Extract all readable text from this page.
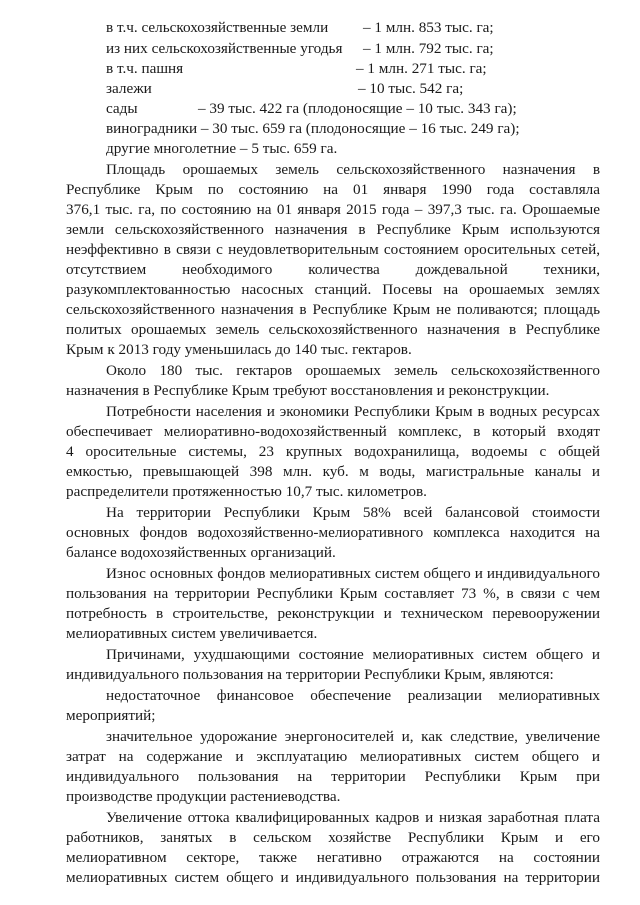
в т.ч. сельскохозяйственные земли – 1 млн. 853 тыс. га;
из них сельскохозяйственные угодья – 1 млн. 792 тыс. га;
в т.ч. пашня	– 1 млн. 271 тыс. га;
залежи	– 10 тыс. 542 га;
сады	– 39 тыс. 422 га (плодоносящие – 10 тыс. 343 га);
виноградники – 30 тыс. 659 га (плодоносящие – 16 тыс. 249 га);
другие многолетние – 5 тыс. 659 га.
Площадь орошаемых земель сельскохозяйственного назначения в
Республике Крым по состоянию на 01 января 1990 года составляла
376,1 тыс. га, по состоянию на 01 января 2015 года – 397,3 тыс. га. Орошаемые
земли сельскохозяйственного назначения в Республике Крым используются
неэффективно в связи с неудовлетворительным состоянием оросительных сетей,
отсутствием необходимого количества дождевальной техники,
разукомплектованностью насосных станций. Посевы на орошаемых землях
сельскохозяйственного назначения в Республике Крым не поливаются; площадь
политых орошаемых земель сельскохозяйственного назначения в Республике
Крым к 2013 году уменьшилась до 140 тыс. гектаров.
Около 180 тыс. гектаров орошаемых земель сельскохозяйственного
назначения в Республике Крым требуют восстановления и реконструкции.
Потребности населения и экономики Республики Крым в водных ресурсах
обеспечивает мелиоративно-водохозяйственный комплекс, в который входят
4 оросительные системы, 23 крупных водохранилища, водоемы с общей
емкостью, превышающей 398 млн. куб. м воды, магистральные каналы и
распределители протяженностью 10,7 тыс. километров.
На территории Республики Крым 58% всей балансовой стоимости
основных фондов водохозяйственно-мелиоративного комплекса находится на
балансе водохозяйственных организаций.
Износ основных фондов мелиоративных систем общего и индивидуального
пользования на территории Республики Крым составляет 73 %, в связи с чем
потребность в строительстве, реконструкции и техническом перевооружении
мелиоративных систем увеличивается.
Причинами, ухудшающими состояние мелиоративных систем общего и
индивидуального пользования на территории Республики Крым, являются:
недостаточное финансовое обеспечение реализации мелиоративных
мероприятий;
значительное удорожание энергоносителей и, как следствие, увеличение
затрат на содержание и эксплуатацию мелиоративных систем общего и
индивидуального пользования на территории Республики Крым при
производстве продукции растениеводства.
Увеличение оттока квалифицированных кадров и низкая заработная плата
работников, занятых в сельском хозяйстве Республики Крым и его
мелиоративном секторе, также негативно отражаются на состоянии
мелиоративных систем общего и индивидуального пользования на территории
